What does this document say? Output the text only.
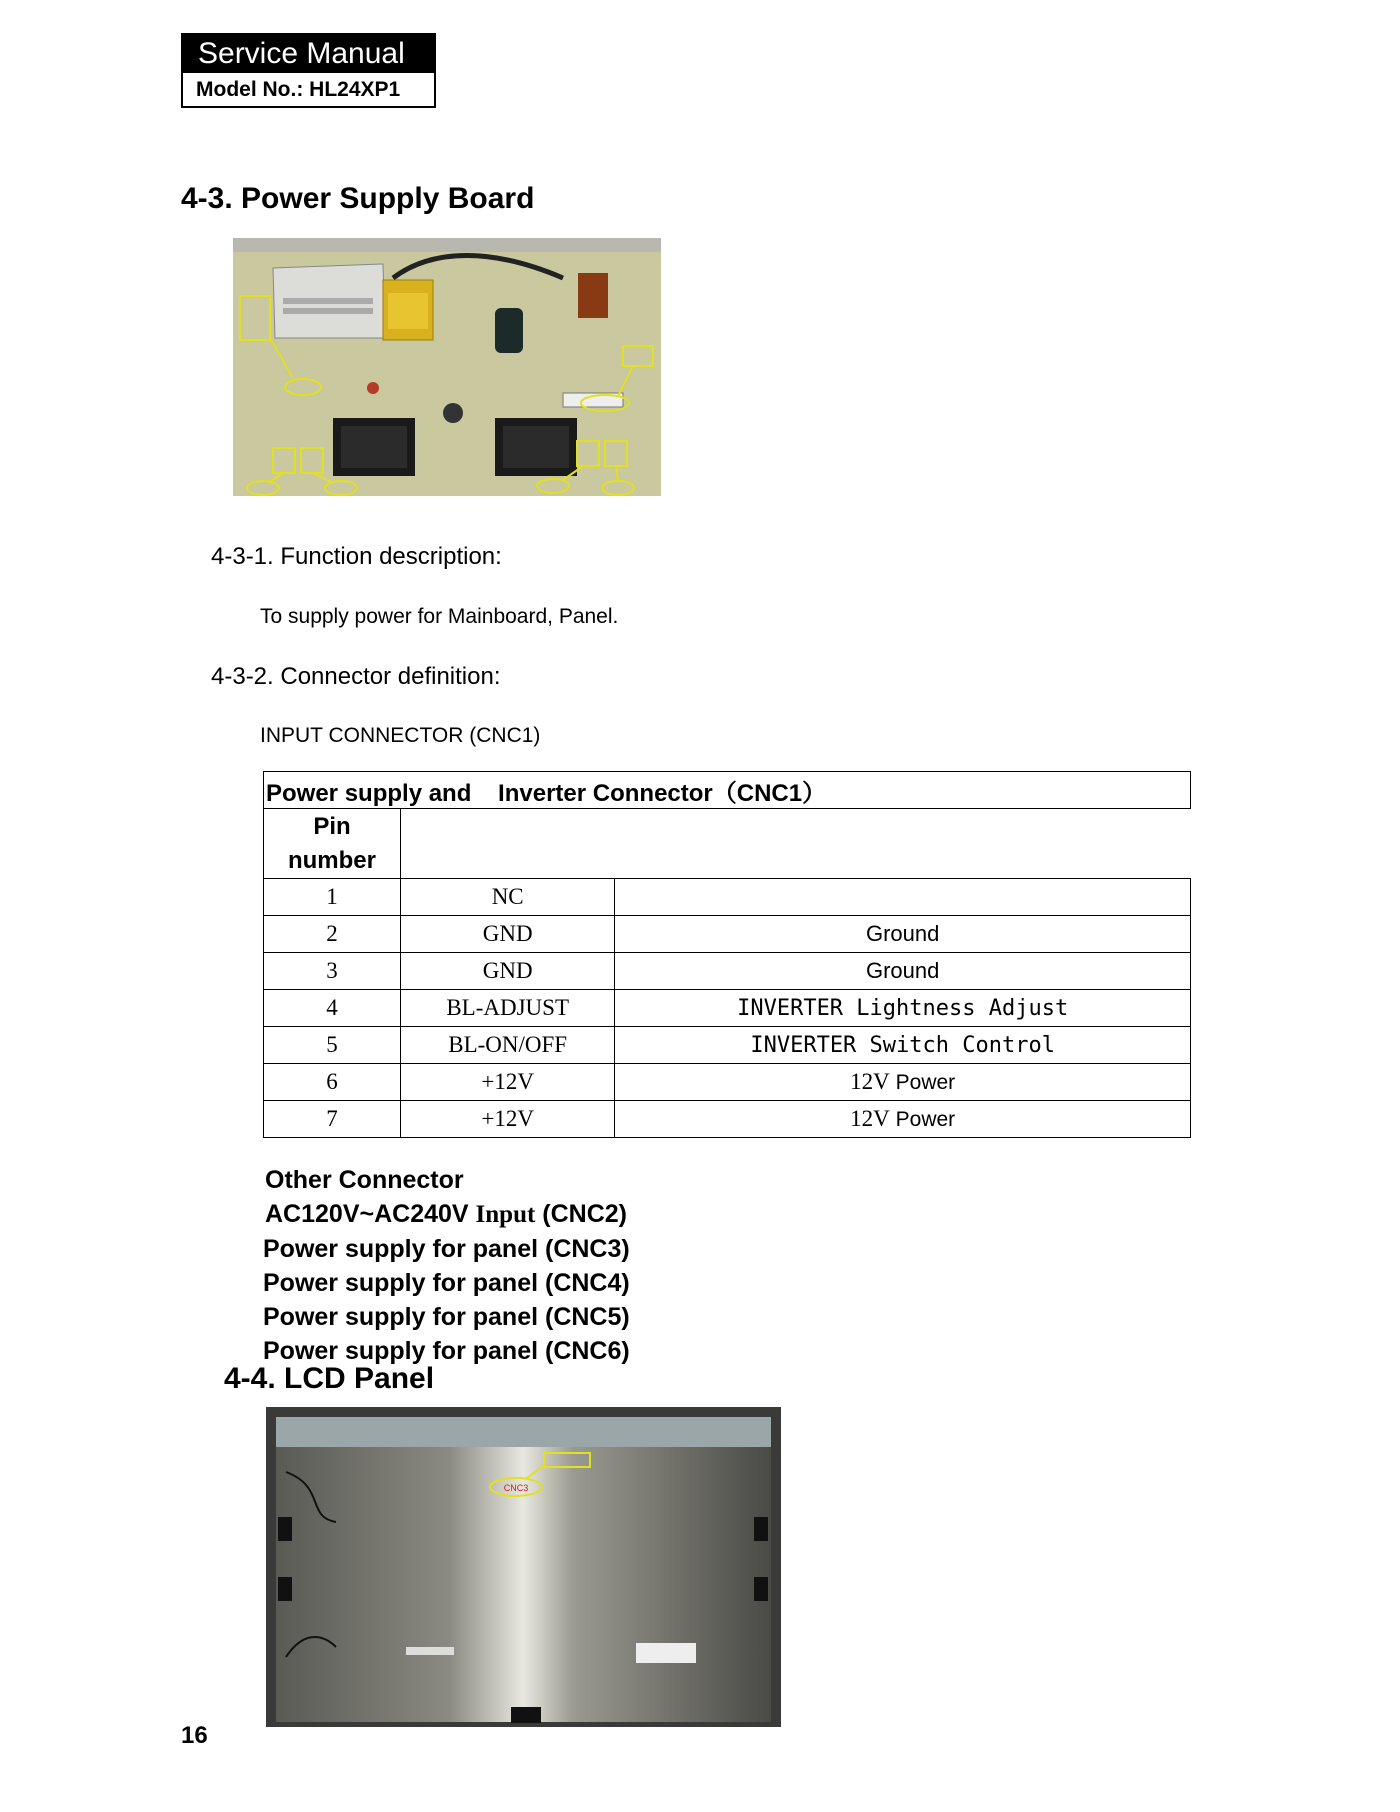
Service Manual
Model No.: HL24XP1
4-3. Power Supply Board
4-3-1. Function description:
To supply power for Mainboard, Panel.
4-3-2. Connector definition:
INPUT CONNECTOR (CNC1)
Power supply and    Inverter Connector（CNC1）		

Pin
number

1	NC	
2	GND	Ground
3	GND	Ground
4	BL-ADJUST	INVERTER Lightness Adjust
5	BL-ON/OFF	INVERTER Switch Control
6	+12V	12V Power
7	+12V	12V Power
Other Connector
AC120V~AC240V Input (CNC2)
Power supply for panel (CNC3)
Power supply for panel (CNC4)
Power supply for panel (CNC5)
Power supply for panel (CNC6)
4-4. LCD Panel
CNC3
16
